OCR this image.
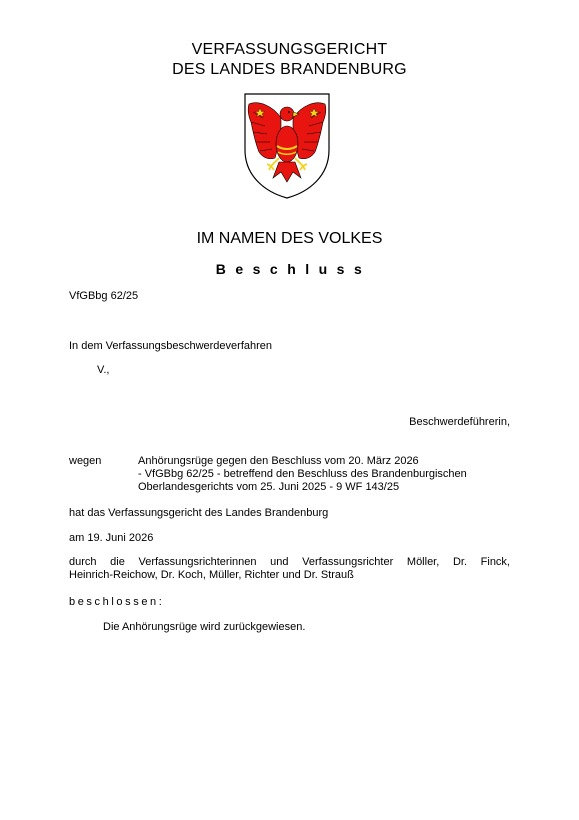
VERFASSUNGSGERICHT
DES LANDES BRANDENBURG
IM NAMEN DES VOLKES
Beschluss
VfGBbg 62/25
In dem Verfassungsbeschwerdeverfahren
V.,
Beschwerdeführerin,
wegen	Anhörungsrüge gegen den Beschluss vom 20. März 2026
- VfGBbg 62/25 - betreffend den Beschluss des Brandenburgischen
Oberlandesgerichts vom 25. Juni 2025 - 9 WF 143/25
hat das Verfassungsgericht des Landes Brandenburg
am 19. Juni 2026
durch die Verfassungsrichterinnen und Verfassungsrichter Möller, Dr. Finck,
Heinrich-Reichow, Dr. Koch, Müller, Richter und Dr. Strauß
beschlossen:
Die Anhörungsrüge wird zurückgewiesen.
